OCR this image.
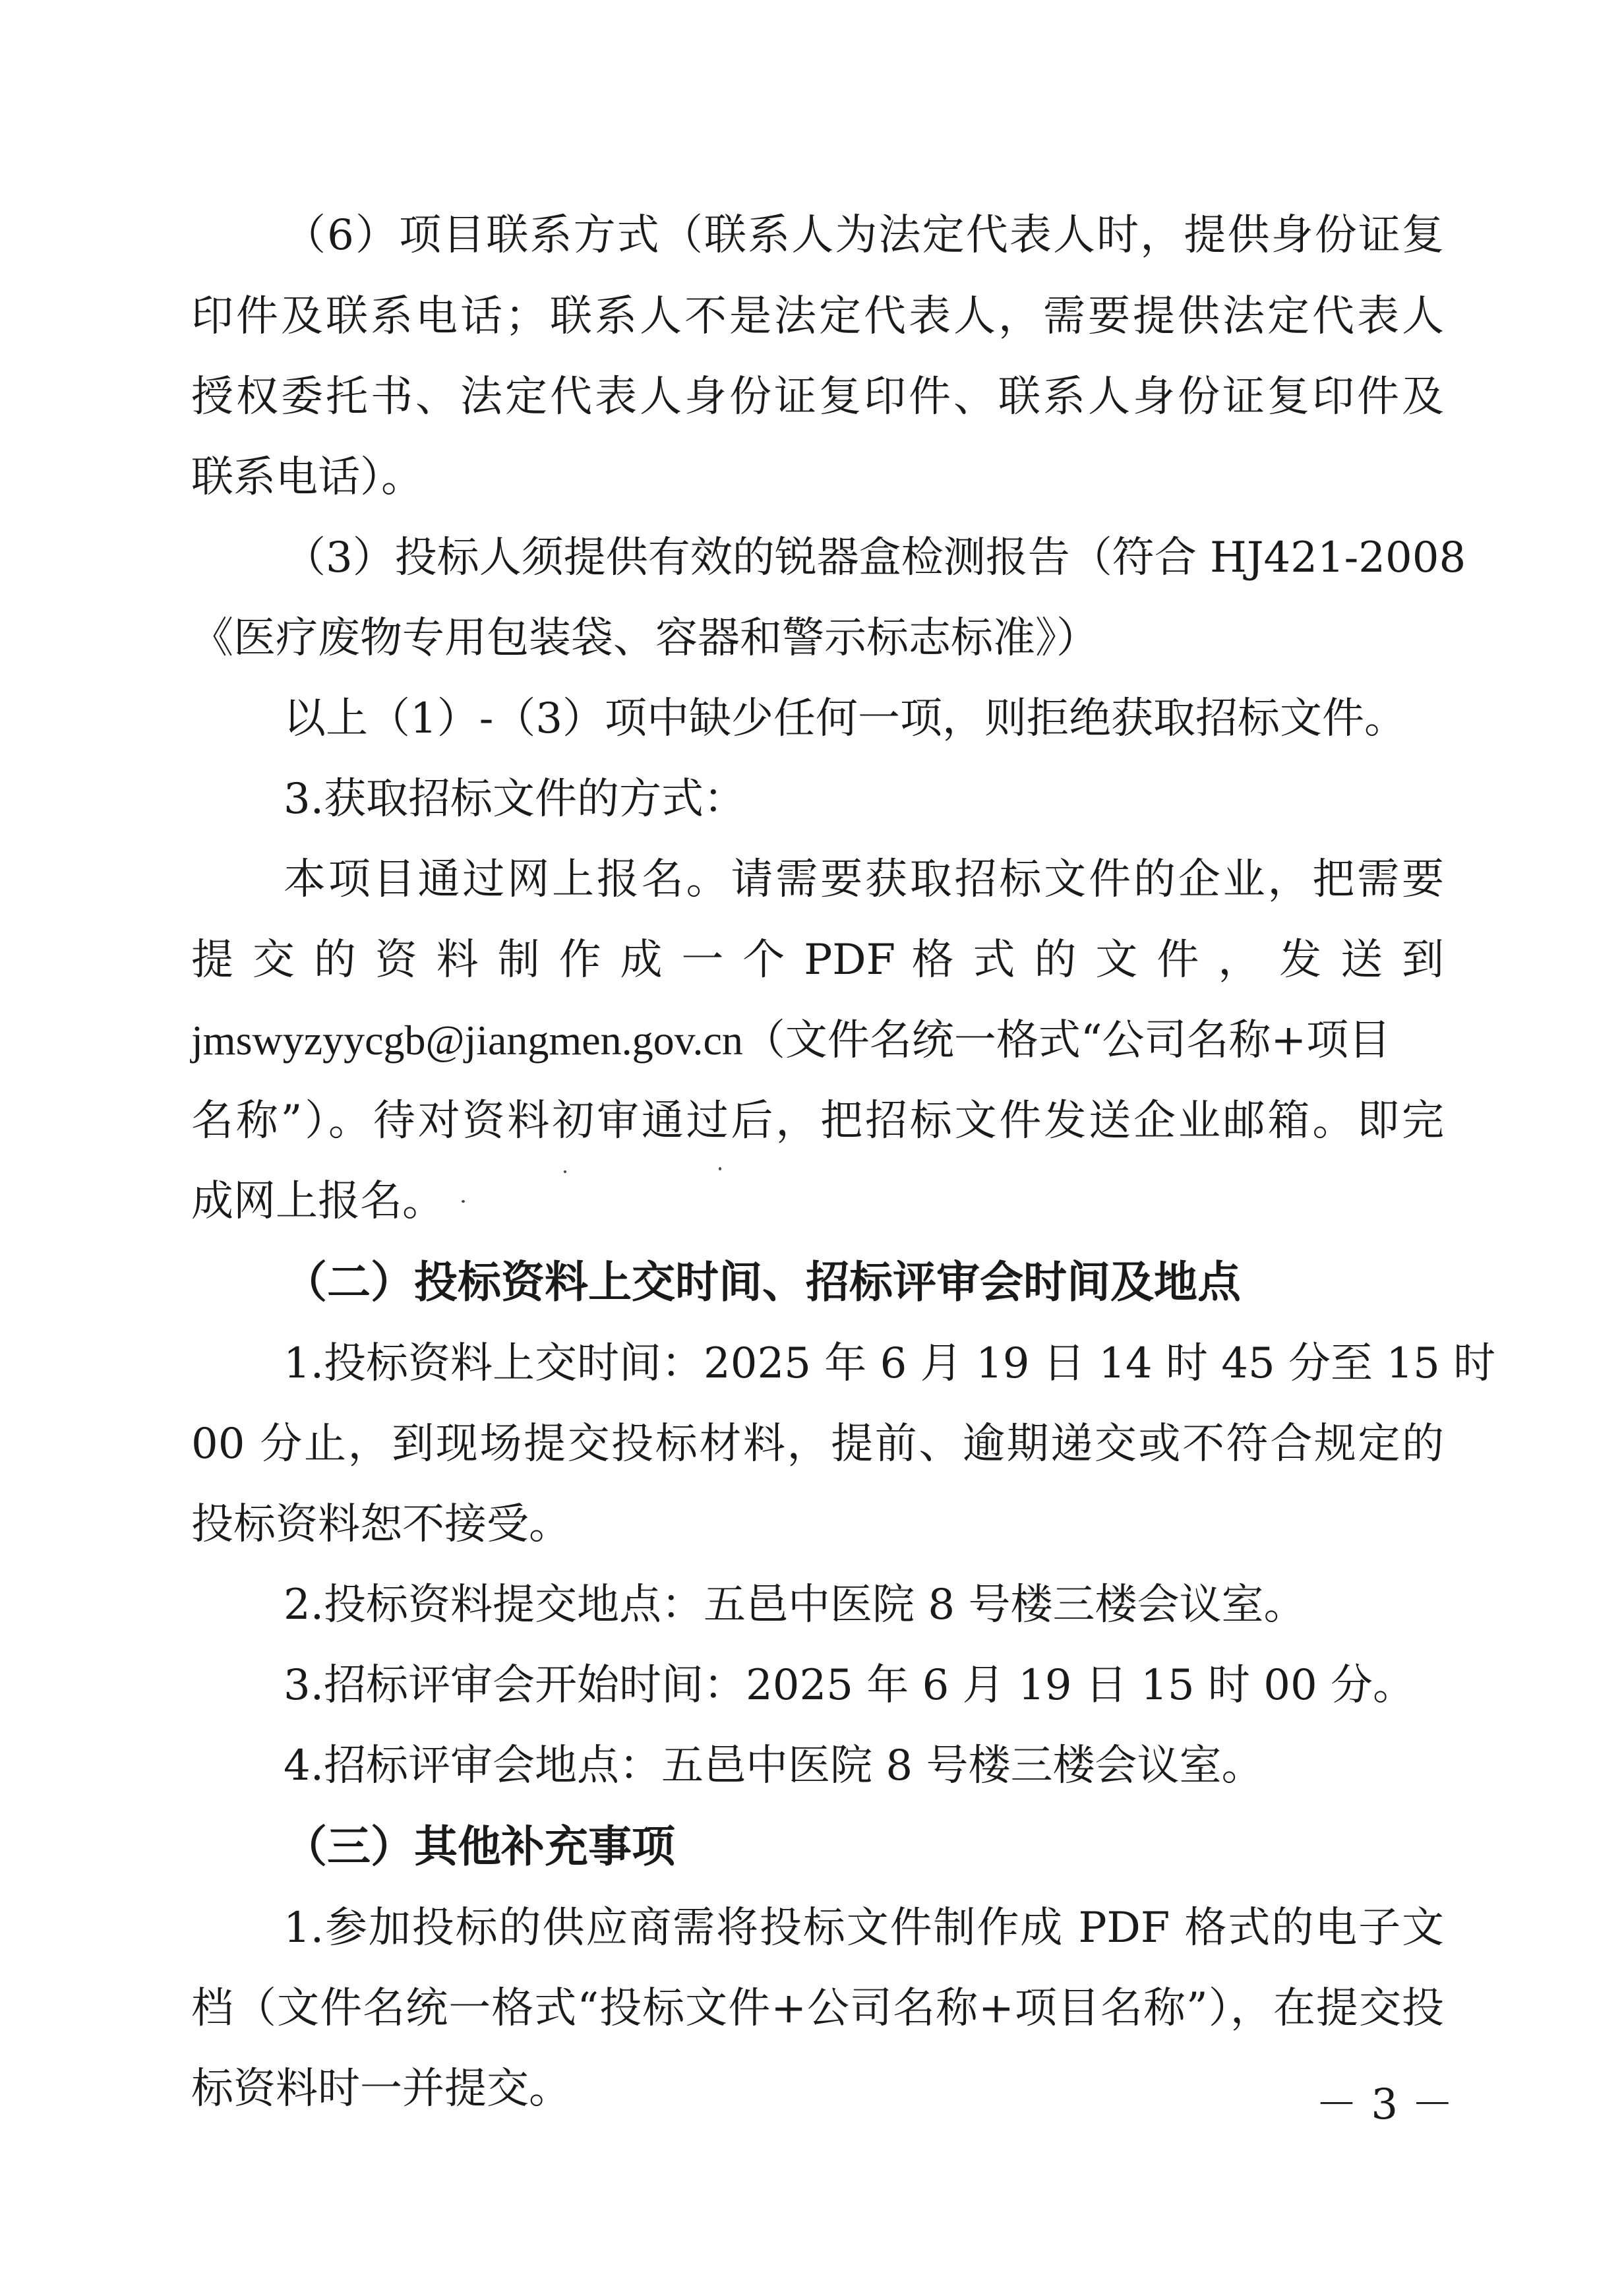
（6）项目联系方式（联系人为法定代表人时，提供身份证复
印件及联系电话；联系人不是法定代表人，需要提供法定代表人
授权委托书、法定代表人身份证复印件、联系人身份证复印件及
联系电话）。
（3）投标人须提供有效的锐器盒检测报告（符合 HJ421-2008
《医疗废物专用包装袋、容器和警示标志标准》）
以上（1）-（3）项中缺少任何一项，则拒绝获取招标文件。
3.获取招标文件的方式：
本项目通过网上报名。请需要获取招标文件的企业，把需要
提 交 的 资 料 制 作 成 一 个 PDF 格 式 的 文 件 ， 发 送 到
jmswyzyycgb@jiangmen.gov.cn（文件名统一格式“公司名称+项目
名称”）。待对资料初审通过后，把招标文件发送企业邮箱。即完
成网上报名。
（二）投标资料上交时间、招标评审会时间及地点
1.投标资料上交时间：2025 年 6 月 19 日 14 时 45 分至 15 时
00 分止，到现场提交投标材料，提前、逾期递交或不符合规定的
投标资料恕不接受。
2.投标资料提交地点：五邑中医院 8 号楼三楼会议室。
3.招标评审会开始时间：2025 年 6 月 19 日 15 时 00 分。
4.招标评审会地点：五邑中医院 8 号楼三楼会议室。
（三）其他补充事项
1.参加投标的供应商需将投标文件制作成 PDF 格式的电子文
档（文件名统一格式“投标文件+公司名称+项目名称”），在提交投
标资料时一并提交。	－ 3 －
